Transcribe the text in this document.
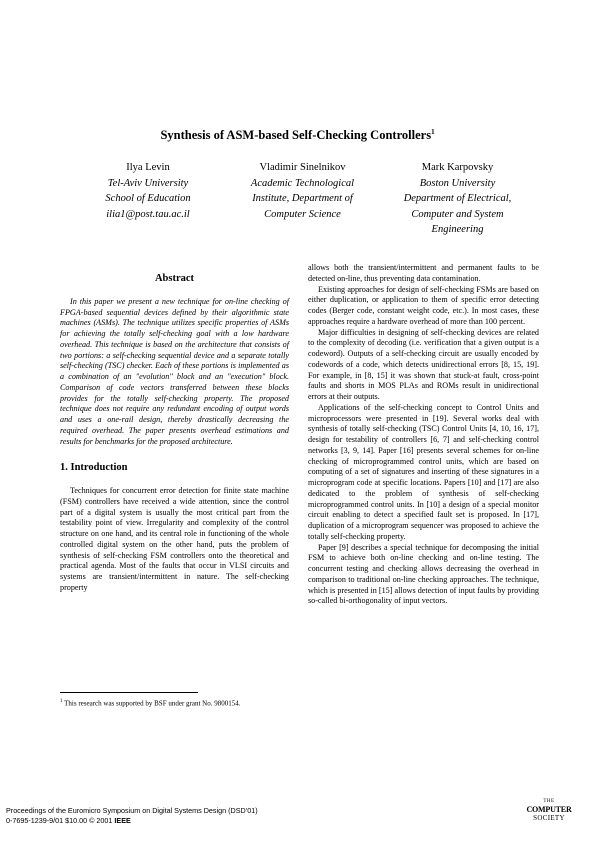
Synthesis of ASM-based Self-Checking Controllers$^1$
Ilya Levin
Tel-Aviv University
School of Education
ilia1@post.tau.ac.il
Vladimir Sinelnikov
Academic Technological
Institute, Department of
Computer Science
Mark Karpovsky
Boston University
Department of Electrical,
Computer and System
Engineering
Abstract

In this paper we present a new technique for on-line checking of FPGA-based sequential devices defined by their algorithmic state machines (ASMs). The technique utilizes specific properties of ASMs for achieving the totally self-checking goal with a low hardware overhead. This technique is based on the architecture that consists of two portions: a self-checking sequential device and a separate totally self-checking (TSC) checker. Each of these portions is implemented as a combination of an "evolution" block and an "execution" block. Comparison of code vectors transferred between these blocks provides for the totally self-checking property. The proposed technique does not require any redundant encoding of output words and uses a one-rail design, thereby drastically decreasing the required overhead. The paper presents overhead estimations and results for benchmarks for the proposed architecture.

1. Introduction

Techniques for concurrent error detection for finite state machine (FSM) controllers have received a wide attention, since the control part of a digital system is usually the most critical part from the testability point of view. Irregularity and complexity of the control structure on one hand, and its central role in functioning of the whole controlled digital system on the other hand, puts the problem of synthesis of self-checking FSM controllers onto the theoretical and practical agenda. Most of the faults that occur in VLSI circuits and systems are transient/intermittent in nature. The self-checking property

allows both the transient/intermittent and permanent faults to be detected on-line, thus preventing data contamination.

Existing approaches for design of self-checking FSMs are based on either duplication, or application to them of specific error detecting codes (Berger code, constant weight code, etc.). In most cases, these approaches require a hardware overhead of more than 100 percent.

Major difficulties in designing of self-checking devices are related to the complexity of decoding (i.e. verification that a given output is a codeword). Outputs of a self-checking circuit are usually encoded by codewords of a code, which detects unidirectional errors [8, 15, 19]. For example, in [8, 15] it was shown that stuck-at fault, cross-point faults and shorts in MOS PLAs and ROMs result in unidirectional errors at their outputs.

Applications of the self-checking concept to Control Units and microprocessors were presented in [19]. Several works deal with synthesis of totally self-checking (TSC) Control Units [4, 10, 16, 17], design for testability of controllers [6, 7] and self-checking control networks [3, 9, 14]. Paper [16] presents several schemes for on-line checking of microprogrammed control units, which are based on computing of a set of signatures and inserting of these signatures in a microprogram code at specific locations. Papers [10] and [17] are also dedicated to the problem of synthesis of self-checking microprogrammed control units. In [10] a design of a special monitor circuit enabling to detect a specified fault set is proposed. In [17], duplication of a microprogram sequencer was proposed to achieve the totally self-checking property.

Paper [9] describes a special technique for decomposing the initial FSM to achieve both on-line checking and on-line testing. The concurrent testing and checking allows decreasing the overhead in comparison to traditional on-line checking approaches. The technique, which is presented in [15] allows detection of input faults by providing so-called bi-orthogonality of input vectors.

$^1$ This research was supported by BSF under grant No. 9800154.
Proceedings of the Euromicro Symposium on Digital Systems Design (DSD’01)
0-7695-1239-9/01 $10.00 © 2001 IEEE
THE
COMPUTER
SOCIETY
